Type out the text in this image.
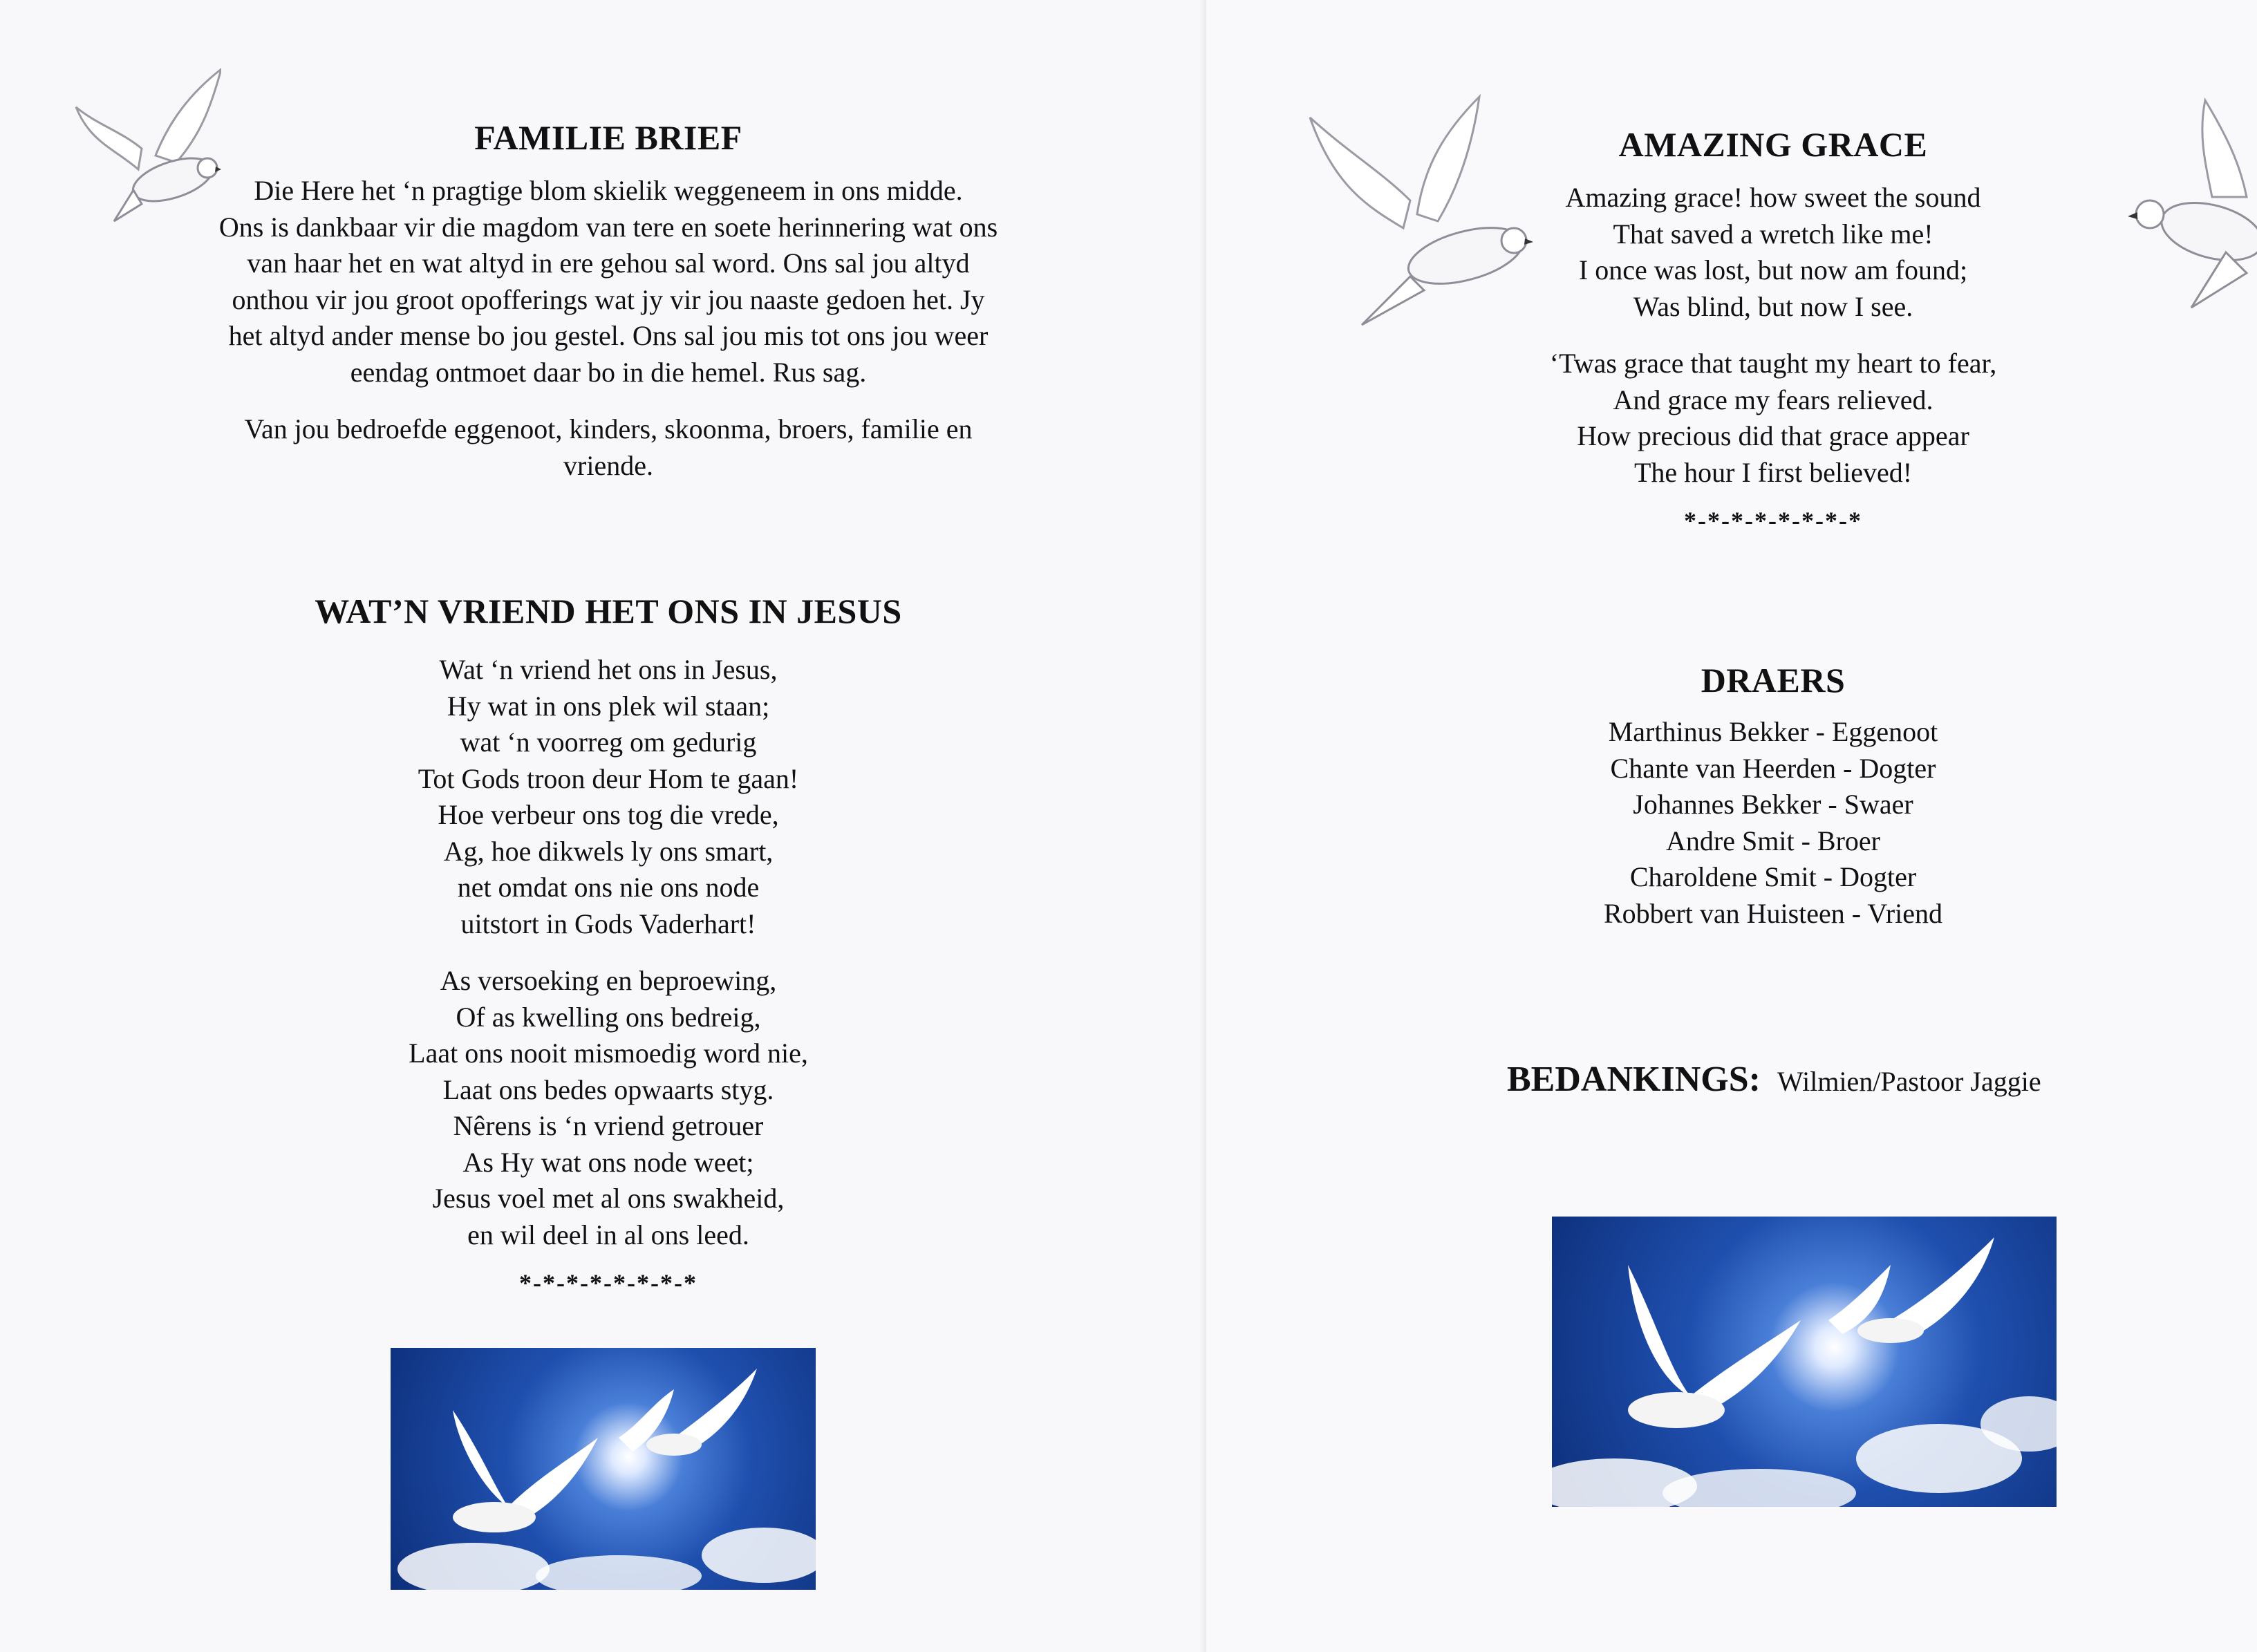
FAMILIE BRIEF
Die Here het ‘n pragtige blom skielik weggeneem in ons midde.
Ons is dankbaar vir die magdom van tere en soete herinnering wat ons
van haar het en wat altyd in ere gehou sal word. Ons sal jou altyd
onthou vir jou groot opofferings wat jy vir jou naaste gedoen het. Jy
het altyd ander mense bo jou gestel. Ons sal jou mis tot ons jou weer
eendag ontmoet daar bo in die hemel. Rus sag.
Van jou bedroefde eggenoot, kinders, skoonma, broers, familie en
vriende.
WAT’N VRIEND HET ONS IN JESUS
Wat ‘n vriend het ons in Jesus,
Hy wat in ons plek wil staan;
wat ‘n voorreg om gedurig
Tot Gods troon deur Hom te gaan!
Hoe verbeur ons tog die vrede,
Ag, hoe dikwels ly ons smart,
net omdat ons nie ons node
uitstort in Gods Vaderhart!
As versoeking en beproewing,
Of as kwelling ons bedreig,
Laat ons nooit mismoedig word nie,
Laat ons bedes opwaarts styg.
Nêrens is ‘n vriend getrouer
As Hy wat ons node weet;
Jesus voel met al ons swakheid,
en wil deel in al ons leed.
*-*-*-*-*-*-*-*
AMAZING GRACE
Amazing grace! how sweet the sound
That saved a wretch like me!
I once was lost, but now am found;
Was blind, but now I see.
‘Twas grace that taught my heart to fear,
And grace my fears relieved.
How precious did that grace appear
The hour I first believed!
*-*-*-*-*-*-*-*
DRAERS
Marthinus Bekker - Eggenoot
Chante van Heerden - Dogter
Johannes Bekker - Swaer
Andre Smit - Broer
Charoldene Smit - Dogter
Robbert van Huisteen - Vriend
BEDANKINGS: Wilmien/Pastoor Jaggie
